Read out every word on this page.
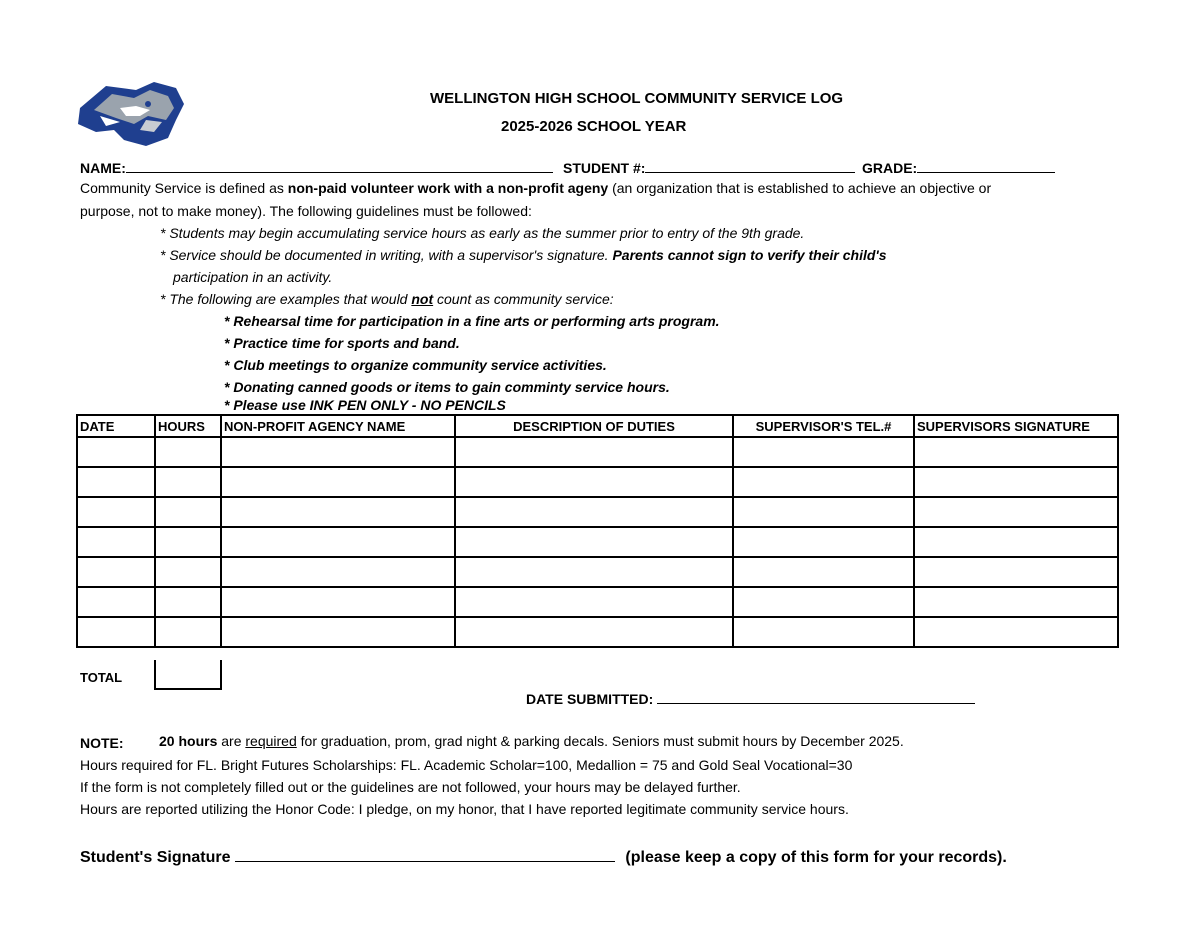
WELLINGTON HIGH SCHOOL COMMUNITY SERVICE LOG
2025-2026 SCHOOL YEAR
NAME:	STUDENT #:	GRADE:
Community Service is defined as non-paid volunteer work with a non-profit ageny (an organization that is established to achieve an objective or
purpose, not to make money). The following guidelines must be followed:
* Students may begin accumulating service hours as early as the summer prior to entry of the 9th grade.
* Service should be documented in writing, with a supervisor's signature. Parents cannot sign to verify their child's
participation in an activity.
* The following are examples that would not count as community service:
* Rehearsal time for participation in a fine arts or performing arts program.
* Practice time for sports and band.
* Club meetings to organize community service activities.
* Donating canned goods or items to gain comminty service hours.
* Please use INK PEN ONLY - NO PENCILS
DATE	HOURS	NON-PROFIT AGENCY NAME	DESCRIPTION OF DUTIES	SUPERVISOR'S TEL.#	SUPERVISORS SIGNATURE

TOTAL
DATE SUBMITTED:
NOTE:	20 hours are required for graduation, prom, grad night & parking decals. Seniors must submit hours by December 2025.
Hours required for FL. Bright Futures Scholarships: FL. Academic Scholar=100, Medallion = 75 and Gold Seal Vocational=30
If the form is not completely filled out or the guidelines are not followed, your hours may be delayed further.
Hours are reported utilizing the Honor Code: I pledge, on my honor, that I have reported legitimate community service hours.
Student's Signature	(please keep a copy of this form for your records).
